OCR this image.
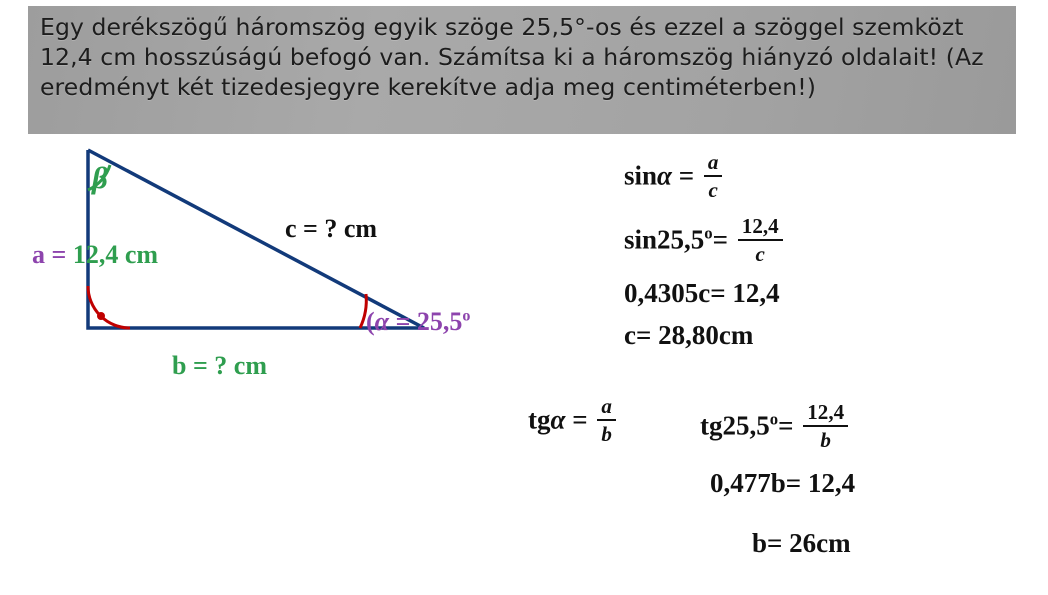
Egy derékszögű háromszög egyik szöge 25,5°-os és ezzel a szöggel szemközt 12,4 cm hosszúságú befogó van. Számítsa ki a háromszög hiányzó oldalait! (Az eredményt két tizedesjegyre kerekítve adja meg centiméterben!)
β
a = 12,4 cm
c = ? cm
b = ? cm
($\alpha = 25,5^o$
$\sin\alpha = \frac{a}{c}$
$\sin 25,5^o= \frac{12,4}{c}$
0,4305c= 12,4
c= 28,80cm
$tg\alpha = \frac{a}{b}$	$tg25,5^o= \frac{12,4}{b}$
0,477b= 12,4
b= 26cm
